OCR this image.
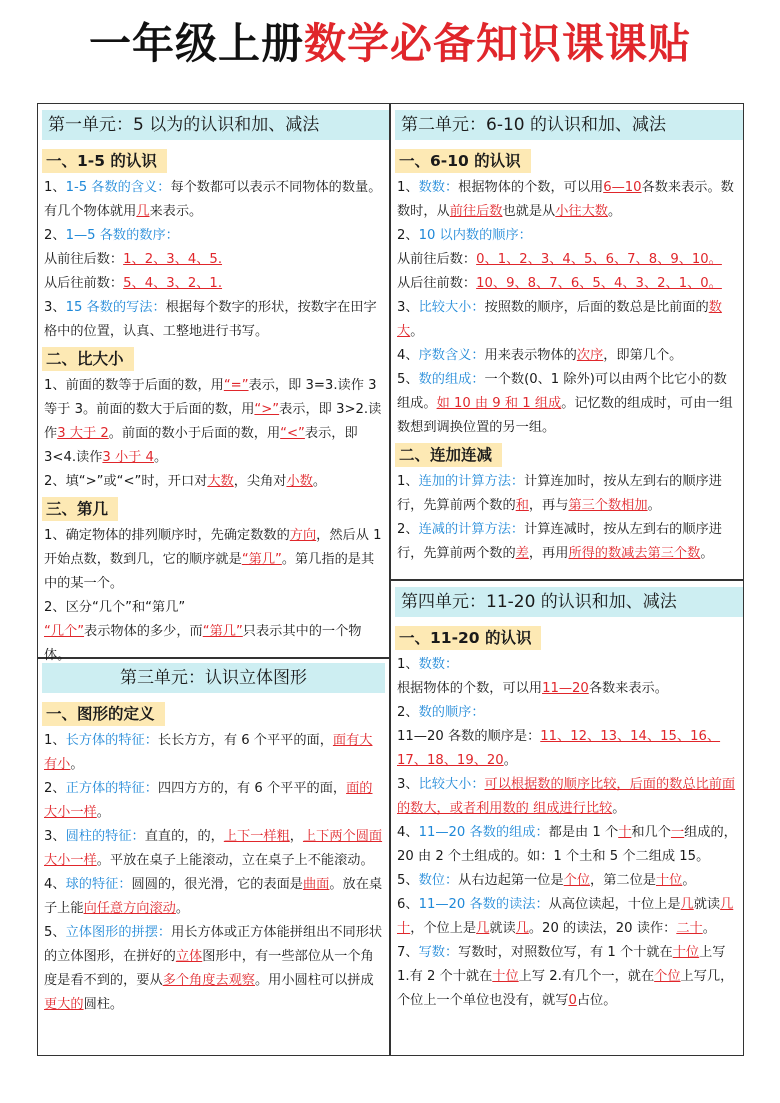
一年级上册数学必备知识课课贴
第一单元：5 以为的认识和加、减法
一、1-5 的认识
1、1-5 各数的含义：每个数都可以表示不同物体的数量。有几个物体就用几来表示。
2、1—5 各数的数序：
从前往后数：1、2、3、4、5.
从后往前数：5、4、3、2、1.
3、15 各数的写法：根据每个数字的形状，按数字在田字格中的位置，认真、工整地进行书写。
二、比大小
1、前面的数等于后面的数，用“=”表示，即 3=3.读作 3 等于 3。前面的数大于后面的数，用“>”表示，即 3>2.读作3 大于 2。前面的数小于后面的数，用“<”表示，即 3<4.读作3 小于 4。
2、填“>”或“<”时，开口对大数，尖角对小数。
三、第几
1、确定物体的排列顺序时，先确定数数的方向，然后从 1 开始点数，数到几，它的顺序就是“第几”。第几指的是其中的某一个。
2、区分“几个”和“第几”
“几个”表示物体的多少，而“第几”只表示其中的一个物体。
第三单元：认识立体图形
一、图形的定义
1、长方体的特征：长长方方，有 6 个平平的面，面有大有小。
2、正方体的特征：四四方方的，有 6 个平平的面，面的大小一样。
3、圆柱的特征：直直的，的，上下一样粗，上下两个圆面大小一样。平放在桌子上能滚动，立在桌子上不能滚动。
4、球的特征：圆圆的，很光滑，它的表面是曲面。放在桌子上能向任意方向滚动。
5、立体图形的拼摆：用长方体或正方体能拼组出不同形状的立体图形，在拼好的立体图形中，有一些部位从一个角度是看不到的，要从多个角度去观察。用小圆柱可以拼成更大的圆柱。
第二单元：6-10 的认识和加、减法
一、6-10 的认识
1、数数：根据物体的个数，可以用6—10各数来表示。数数时，从前往后数也就是从小往大数。
2、10 以内数的顺序：
从前往后数：0、1、2、3、4、5、6、7、8、9、10。
从后往前数：10、9、8、7、6、5、4、3、2、1、0。
3、比较大小：按照数的顺序，后面的数总是比前面的数大。
4、序数含义：用来表示物体的次序，即第几个。
5、数的组成：一个数(0、1 除外)可以由两个比它小的数组成。如 10 由 9 和 1 组成。记忆数的组成时，可由一组数想到调换位置的另一组。
二、连加连减
1、连加的计算方法：计算连加时，按从左到右的顺序进行，先算前两个数的和，再与第三个数相加。
2、连减的计算方法：计算连减时，按从左到右的顺序进行，先算前两个数的差，再用所得的数减去第三个数。
第四单元：11-20 的认识和加、减法
一、11-20 的认识
1、数数：
根据物体的个数，可以用11—20各数来表示。
2、数的顺序：
11—20 各数的顺序是：11、12、13、14、15、16、17、18、19、20。
3、比较大小：可以根据数的顺序比较，后面的数总比前面的数大，或者利用数的 组成进行比较。
4、11—20 各数的组成：都是由 1 个十和几个一组成的，20 由 2 个土组成的。如：1 个土和 5 个二组成 15。
5、数位：从右边起第一位是个位，第二位是十位。
6、11—20 各数的读法：从高位读起，十位上是几就读几十，个位上是几就读几。20 的读法，20 读作：二十。
7、写数：写数时，对照数位写，有 1 个十就在十位上写 1.有 2 个十就在十位上写 2.有几个一，就在个位上写几，个位上一个单位也没有，就写0占位。
